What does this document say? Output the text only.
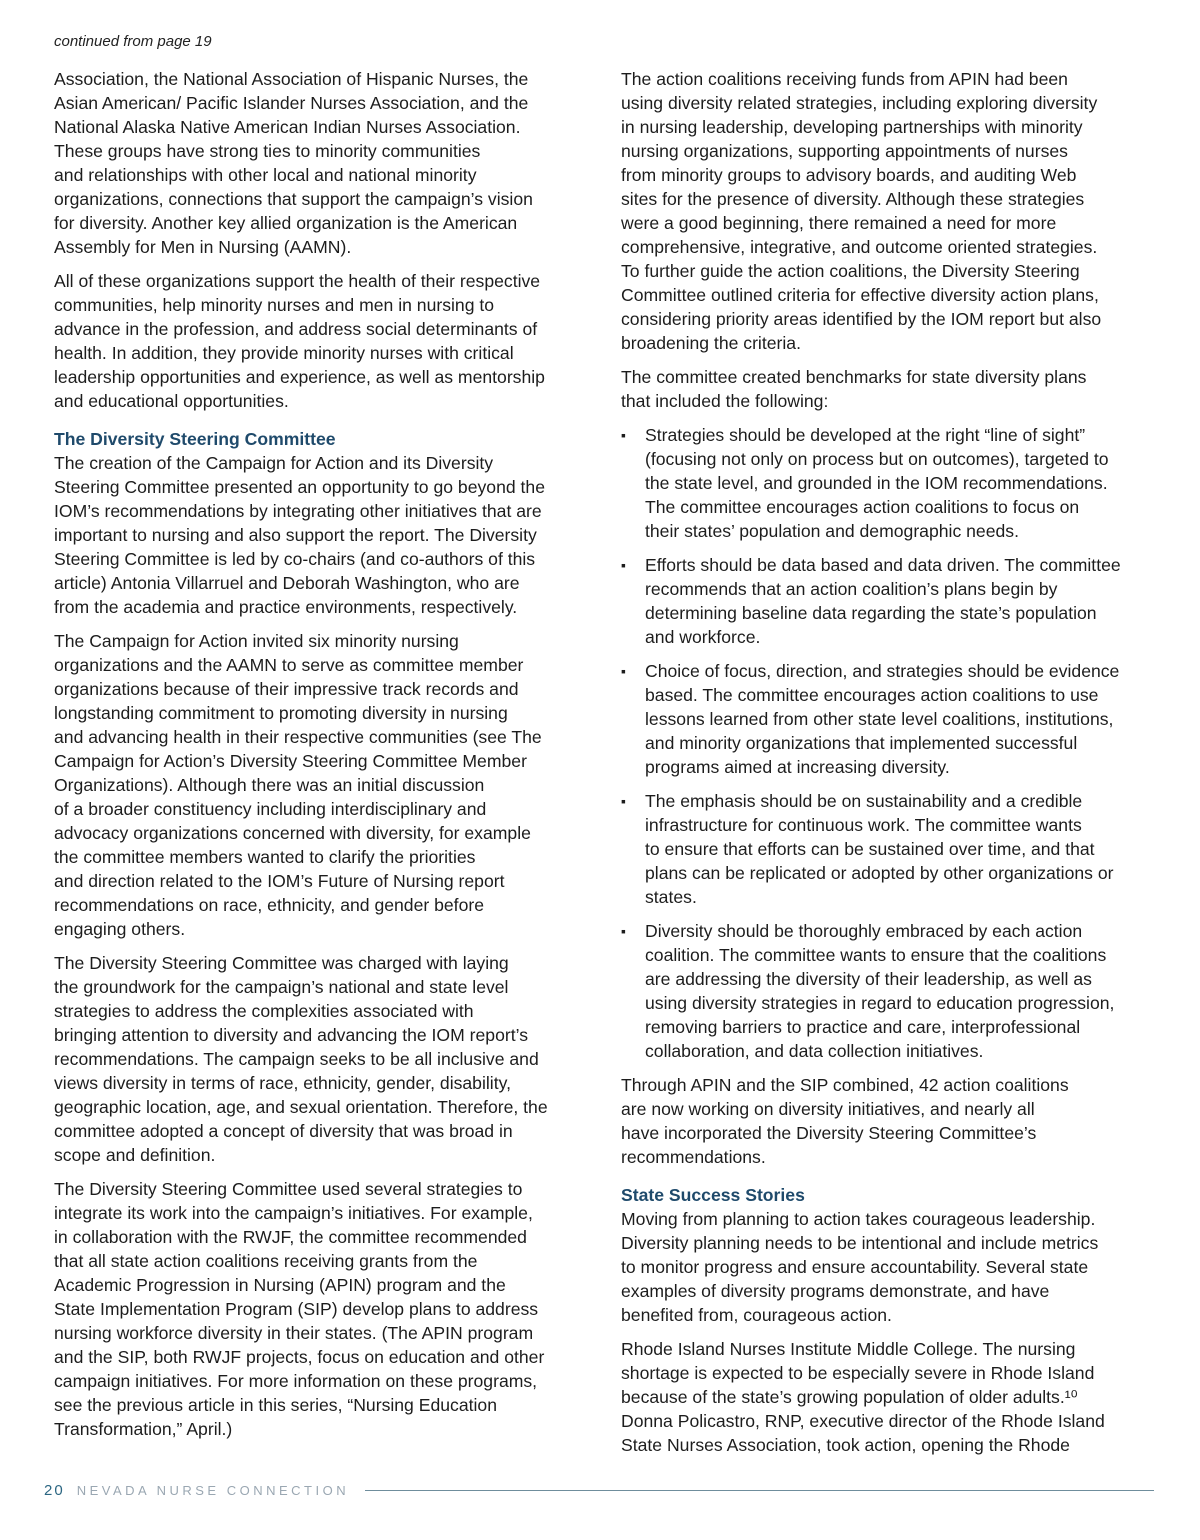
continued from page 19
Association, the National Association of Hispanic Nurses, the
Asian American/ Pacific Islander Nurses Association, and the
National Alaska Native American Indian Nurses Association.
These groups have strong ties to minority communities
and relationships with other local and national minority
organizations, connections that support the campaign’s vision
for diversity. Another key allied organization is the American
Assembly for Men in Nursing (AAMN).
All of these organizations support the health of their respective
communities, help minority nurses and men in nursing to
advance in the profession, and address social determinants of
health. In addition, they provide minority nurses with critical
leadership opportunities and experience, as well as mentorship
and educational opportunities.
The Diversity Steering Committee
The creation of the Campaign for Action and its Diversity
Steering Committee presented an opportunity to go beyond the
IOM’s recommendations by integrating other initiatives that are
important to nursing and also support the report. The Diversity
Steering Committee is led by co-chairs (and co-authors of this
article) Antonia Villarruel and Deborah Washington, who are
from the academia and practice environments, respectively.
The Campaign for Action invited six minority nursing
organizations and the AAMN to serve as committee member
organizations because of their impressive track records and
longstanding commitment to promoting diversity in nursing
and advancing health in their respective communities (see The
Campaign for Action’s Diversity Steering Committee Member
Organizations). Although there was an initial discussion
of a broader constituency including interdisciplinary and
advocacy organizations concerned with diversity, for example
the committee members wanted to clarify the priorities
and direction related to the IOM’s Future of Nursing report
recommendations on race, ethnicity, and gender before
engaging others.
The Diversity Steering Committee was charged with laying
the groundwork for the campaign’s national and state level
strategies to address the complexities associated with
bringing attention to diversity and advancing the IOM report’s
recommendations. The campaign seeks to be all inclusive and
views diversity in terms of race, ethnicity, gender, disability,
geographic location, age, and sexual orientation. Therefore, the
committee adopted a concept of diversity that was broad in
scope and definition.
The Diversity Steering Committee used several strategies to
integrate its work into the campaign’s initiatives. For example,
in collaboration with the RWJF, the committee recommended
that all state action coalitions receiving grants from the
Academic Progression in Nursing (APIN) program and the
State Implementation Program (SIP) develop plans to address
nursing workforce diversity in their states. (The APIN program
and the SIP, both RWJF projects, focus on education and other
campaign initiatives. For more information on these programs,
see the previous article in this series, “Nursing Education
Transformation,” April.)
The action coalitions receiving funds from APIN had been
using diversity related strategies, including exploring diversity
in nursing leadership, developing partnerships with minority
nursing organizations, supporting appointments of nurses
from minority groups to advisory boards, and auditing Web
sites for the presence of diversity. Although these strategies
were a good beginning, there remained a need for more
comprehensive, integrative, and outcome oriented strategies.
To further guide the action coalitions, the Diversity Steering
Committee outlined criteria for effective diversity action plans,
considering priority areas identified by the IOM report but also
broadening the criteria.
The committee created benchmarks for state diversity plans
that included the following:
▪ Strategies should be developed at the right “line of sight”
(focusing not only on process but on outcomes), targeted to
the state level, and grounded in the IOM recommendations.
The committee encourages action coalitions to focus on
their states’ population and demographic needs.
▪ Efforts should be data based and data driven. The committee
recommends that an action coalition’s plans begin by
determining baseline data regarding the state’s population
and workforce.
▪ Choice of focus, direction, and strategies should be evidence
based. The committee encourages action coalitions to use
lessons learned from other state level coalitions, institutions,
and minority organizations that implemented successful
programs aimed at increasing diversity.
▪ The emphasis should be on sustainability and a credible
infrastructure for continuous work. The committee wants
to ensure that efforts can be sustained over time, and that
plans can be replicated or adopted by other organizations or
states.
▪ Diversity should be thoroughly embraced by each action
coalition. The committee wants to ensure that the coalitions
are addressing the diversity of their leadership, as well as
using diversity strategies in regard to education progression,
removing barriers to practice and care, interprofessional
collaboration, and data collection initiatives.
Through APIN and the SIP combined, 42 action coalitions
are now working on diversity initiatives, and nearly all
have incorporated the Diversity Steering Committee’s
recommendations.
State Success Stories
Moving from planning to action takes courageous leadership.
Diversity planning needs to be intentional and include metrics
to monitor progress and ensure accountability. Several state
examples of diversity programs demonstrate, and have
benefited from, courageous action.
Rhode Island Nurses Institute Middle College. The nursing
shortage is expected to be especially severe in Rhode Island
because of the state’s growing population of older adults.¹⁰
Donna Policastro, RNP, executive director of the Rhode Island
State Nurses Association, took action, opening the Rhode
20 NEVADA NURSE CONNECTION
